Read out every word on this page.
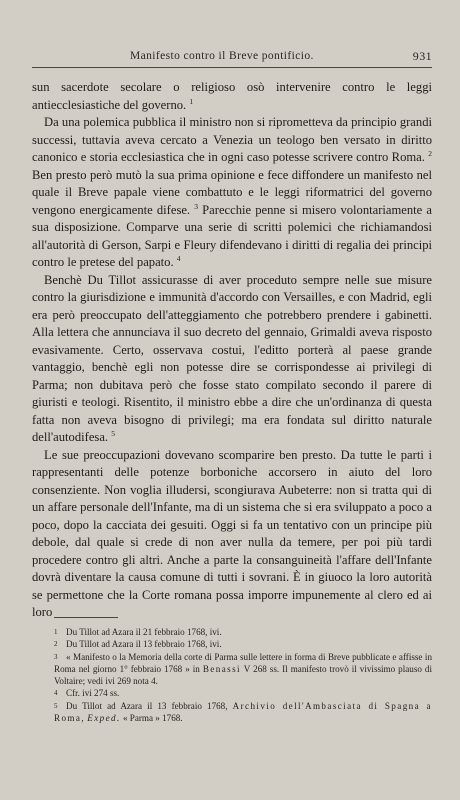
Manifesto contro il Breve pontificio.	931

sun sacerdote secolare o religioso osò intervenire contro le leggi antiecclesiastiche del governo. $^1$

Da una polemica pubblica il ministro non si riprometteva da principio grandi successi, tuttavia aveva cercato a Venezia un teologo ben versato in diritto canonico e storia ecclesiastica che in ogni caso potesse scrivere contro Roma. $^2$ Ben presto però mutò la sua prima opinione e fece diffondere un manifesto nel quale il Breve papale viene combattuto e le leggi riformatrici del governo vengono energicamente difese. $^3$ Parecchie penne si misero volontariamente a sua disposizione. Comparve una serie di scritti polemici che richiamandosi all'autorità di Gerson, Sarpi e Fleury difendevano i diritti di regalia dei principi contro le pretese del papato. $^4$

Benchè Du Tillot assicurasse di aver proceduto sempre nelle sue misure contro la giurisdizione e immunità d'accordo con Versailles, e con Madrid, egli era però preoccupato dell'atteggiamento che potrebbero prendere i gabinetti. Alla lettera che annunciava il suo decreto del gennaio, Grimaldi aveva risposto evasivamente. Certo, osservava costui, l'editto porterà al paese grande vantaggio, benchè egli non potesse dire se corrispondesse ai privilegi di Parma; non dubitava però che fosse stato compilato secondo il parere di giuristi e teologi. Risentito, il ministro ebbe a dire che un'ordinanza di questa fatta non aveva bisogno di privilegi; ma era fondata sul diritto naturale dell'autodifesa. $^5$

Le sue preoccupazioni dovevano scomparire ben presto. Da tutte le parti i rappresentanti delle potenze borboniche accorsero in aiuto del loro consenziente. Non voglia illudersi, scongiurava Aubeterre: non si tratta qui di un affare personale dell'Infante, ma di un sistema che si era sviluppato a poco a poco, dopo la cacciata dei gesuiti. Oggi si fa un tentativo con un principe più debole, dal quale si crede di non aver nulla da temere, per poi più tardi procedere contro gli altri. Anche a parte la consanguineità l'affare dell'Infante dovrà diventare la causa comune di tutti i sovrani. È in giuoco la loro autorità se permettone che la Corte romana possa imporre impunemente al clero ed ai loro

1 Du Tillot ad Azara il 21 febbraio 1768, ivi.

2 Du Tillot ad Azara il 13 febbraio 1768, ivi.

3 « Manifesto o la Memoria della corte di Parma sulle lettere in forma di Breve pubblicate e affisse in Roma nel giorno 1° febbraio 1768 » in Benassi V 268 ss. Il manifesto trovò il vivissimo plauso di Voltaire; vedi ivi 269 nota 4.

4 Cfr. ivi 274 ss.

5 Du Tillot ad Azara il 13 febbraio 1768, Archivio dell'Ambasciata di Spagna a Roma, Exped. « Parma » 1768.
